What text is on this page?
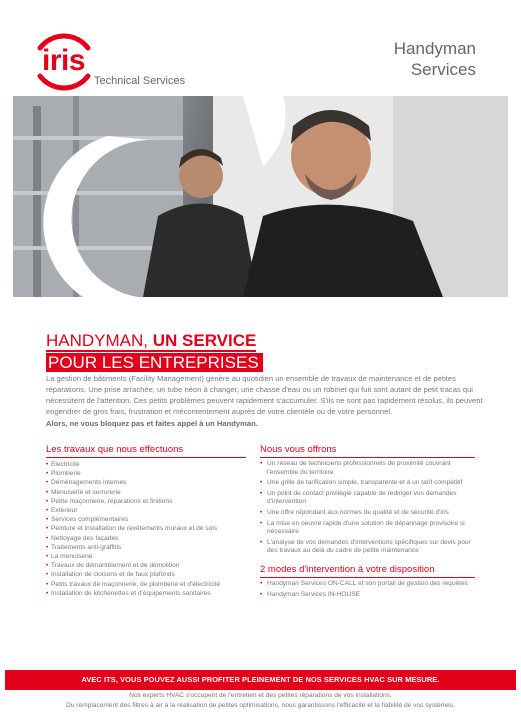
iris
Technical Services
Handyman
Services
HANDYMAN, UN SERVICE
POUR LES ENTREPRISES
La gestion de bâtiments (Facility Management) génère au quotidien un ensemble de travaux de maintenance et de petites réparations. Une prise arrachée, un tube néon à changer, une chasse d'eau ou un robinet qui fuit sont autant de petit tracas qui nécessitent de l'attention. Ces petits problèmes peuvent rapidement s'accumuler. S'ils ne sont pas rapidement résolus, ils peuvent engendrer de gros frais, frustration et mécontentement auprès de votre clientèle ou de votre personnel.
Alors, ne vous bloquez pas et faites appel à un Handyman.
Les travaux que nous effectuons
• Electricité
• Plomberie
• Déménagements internes
• Menuiserie et serrurerie
• Petite maçonnerie, réparations et finitions
• Extérieur
• Services complémentaires
• Peinture et installation de revêtements muraux et de sols
• Nettoyage des façades
• Traitements anti-graffitis
• La menuiserie
• Travaux de démantèlement et de démolition
• Installation de cloisons et de faux plafonds
• Petits travaux de maçonnerie, de plomberie et d'électricité
• Installation de kitchenettes et d'équipements sanitaires
Nous vous offrons
• Un réseau de techniciens professionnels de proximité couvrant l'ensemble du territoire
• Une grille de tarification simple, transparente et à un tarif compétitif
• Un point de contact privilégié capable de rediriger vos demandes d'intervention
• Une offre répondant aux normes de qualité et de sécurité d'iris
• La mise en oeuvre rapide d'une solution de dépannage provisoire si nécessaire
• L'analyse de vos demandes d'interventions spécifiques sur devis pour des travaux au delà du cadre de petite maintenance
2 modes d'intervention à votre disposition
• Handyman Services ON-CALL et son portail de gestion des requêtes
• Handyman Services IN-HOUSE
AVEC ITS, VOUS POUVEZ AUSSI PROFITER PLEINEMENT DE NOS SERVICES HVAC SUR MESURE.
Nos experts HVAC s'occupent de l'entretien et des petites réparations de vos installations.
Du remplacement des filtres à air à la réalisation de petites optimisations, nous garantissons l'efficacité et la fiabilité de vos systèmes.
